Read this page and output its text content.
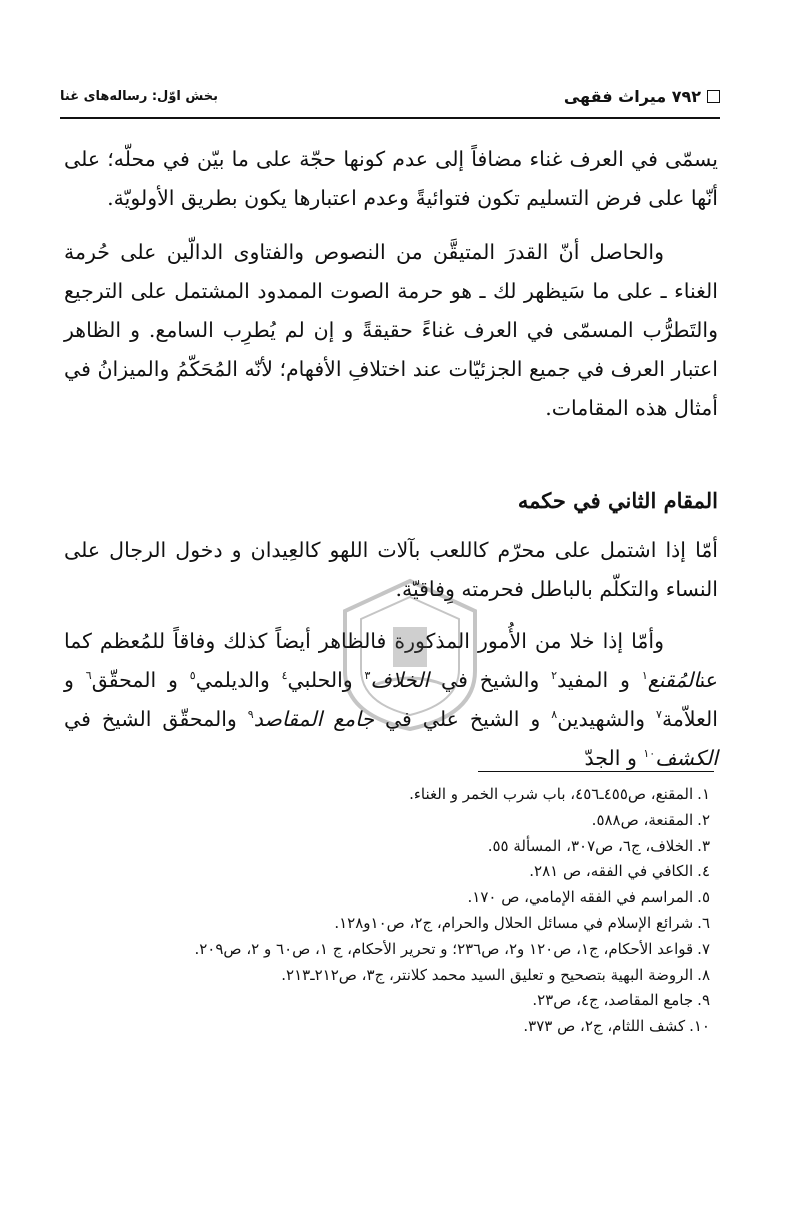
٧٩٢ ميراث فقهى
بخش اوّل: رساله‌هاى غنا

يسمّى في العرف غناء مضافاً إلى عدم كونها حجّة على ما بيّن في محلّه؛ على أنّها على فرض التسليم تكون فتوائيةً وعدم اعتبارها يكون بطريق الأولويّة.

والحاصل أنّ القدرَ المتيقَّن من النصوص والفتاوى الدالّين على حُرمة الغناء ـ على ما سَيظهر لك ـ هو حرمة الصوت الممدود المشتمل على الترجيع والتَطرُّب المسمّى في العرف غناءً حقيقةً و إن لم يُطرِب السامع. و الظاهر اعتبار العرف في جميع الجزئيّات عند اختلافِ الأفهام؛ لأنّه المُحَكّمُ والميزانُ في أمثال هذه المقامات.

المقام الثاني في حكمه

أمّا إذا اشتمل على محرّم كاللعب بآلات اللهو كالعِيدان و دخول الرجال على النساء والتكلّم بالباطل فحرمته وِفاقيّة.

وأمّا إذا خلا من الأُمور المذكورة فالظاهر أيضاً كذلك وفاقاً للمُعظم كما عنالمُقنع$^١$ و المفيد$^٢$ والشيخ في الخلاف$^٣$ والحلبي$^٤$ والديلمي$^٥$ و المحقّق$^٦$ و العلاّمة$^٧$ والشهيدين$^٨$ و الشيخ علي في جامع المقاصد$^٩$ والمحقّق الشيخ في الكشف$^{١٠}$ و الجدّ

١.المقنع، ص٤٥٥ـ٤٥٦، باب شرب الخمر و الغناء.
٢.المقنعة، ص٥٨٨.
٣.الخلاف، ج٦، ص٣٠٧، المسألة ٥٥.
٤.الكافي في الفقه، ص ٢٨١.
٥.المراسم في الفقه الإمامي، ص ١٧٠.
٦.شرائع الإسلام في مسائل الحلال والحرام، ج٢، ص١٠و١٢٨.
٧.قواعد الأحكام، ج١، ص١٢٠ و٢، ص٢٣٦؛ و تحرير الأحكام، ج ١، ص٦٠ و ٢، ص٢٠٩.
٨.الروضة البهية بتصحيح و تعليق السيد محمد كلانتر، ج٣، ص٢١٢ـ٢١٣.
٩.جامع المقاصد، ج٤، ص٢٣.
١٠.كشف اللثام، ج٢، ص ٣٧٣.
